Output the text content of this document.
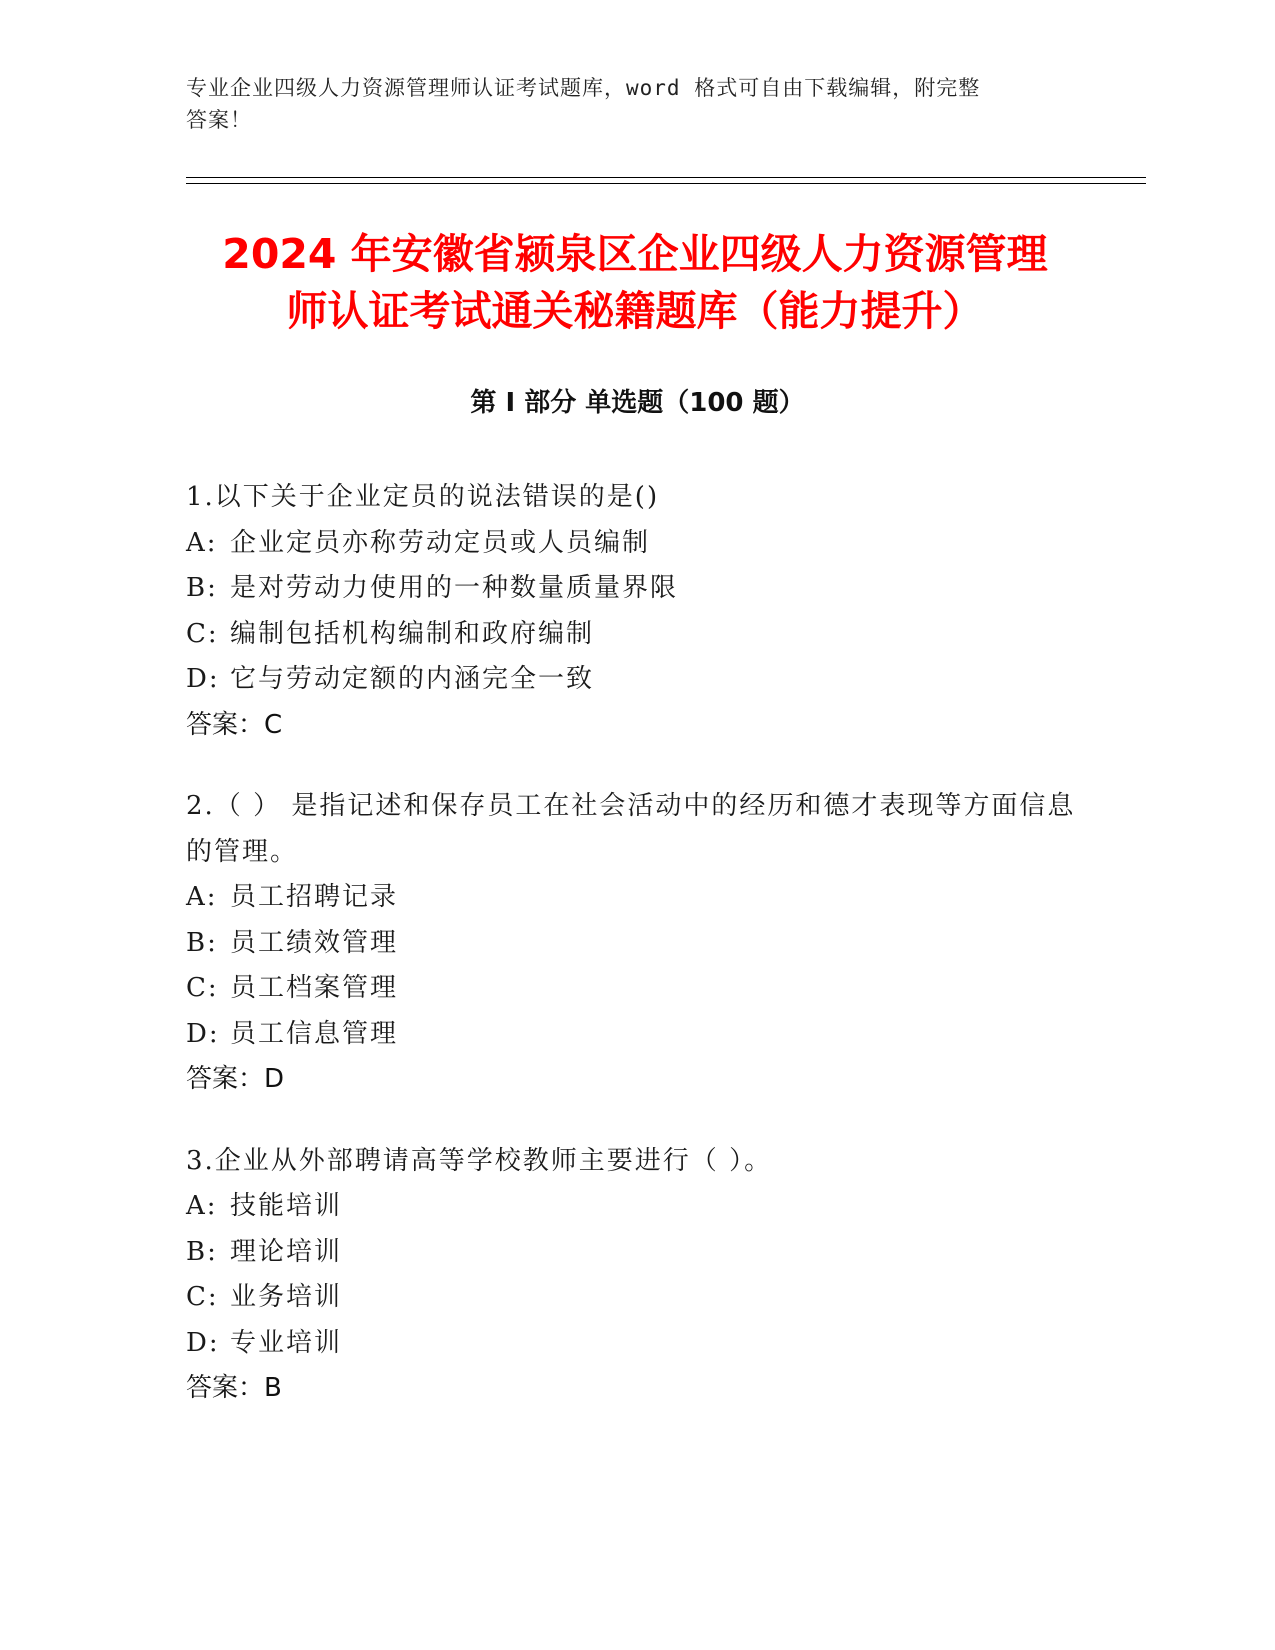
专业企业四级人力资源管理师认证考试题库，word 格式可自由下载编辑，附完整
答案！
2024 年安徽省颍泉区企业四级人力资源管理
师认证考试通关秘籍题库（能力提升）
第 I 部分 单选题（100 题）
1.以下关于企业定员的说法错误的是()
A: 企业定员亦称劳动定员或人员编制
B: 是对劳动力使用的一种数量质量界限
C: 编制包括机构编制和政府编制
D: 它与劳动定额的内涵完全一致
答案：C
2.（ ） 是指记述和保存员工在社会活动中的经历和德才表现等方面信息的管理。
A: 员工招聘记录
B: 员工绩效管理
C: 员工档案管理
D: 员工信息管理
答案：D
3.企业从外部聘请高等学校教师主要进行（ ）。
A: 技能培训
B: 理论培训
C: 业务培训
D: 专业培训
答案：B
